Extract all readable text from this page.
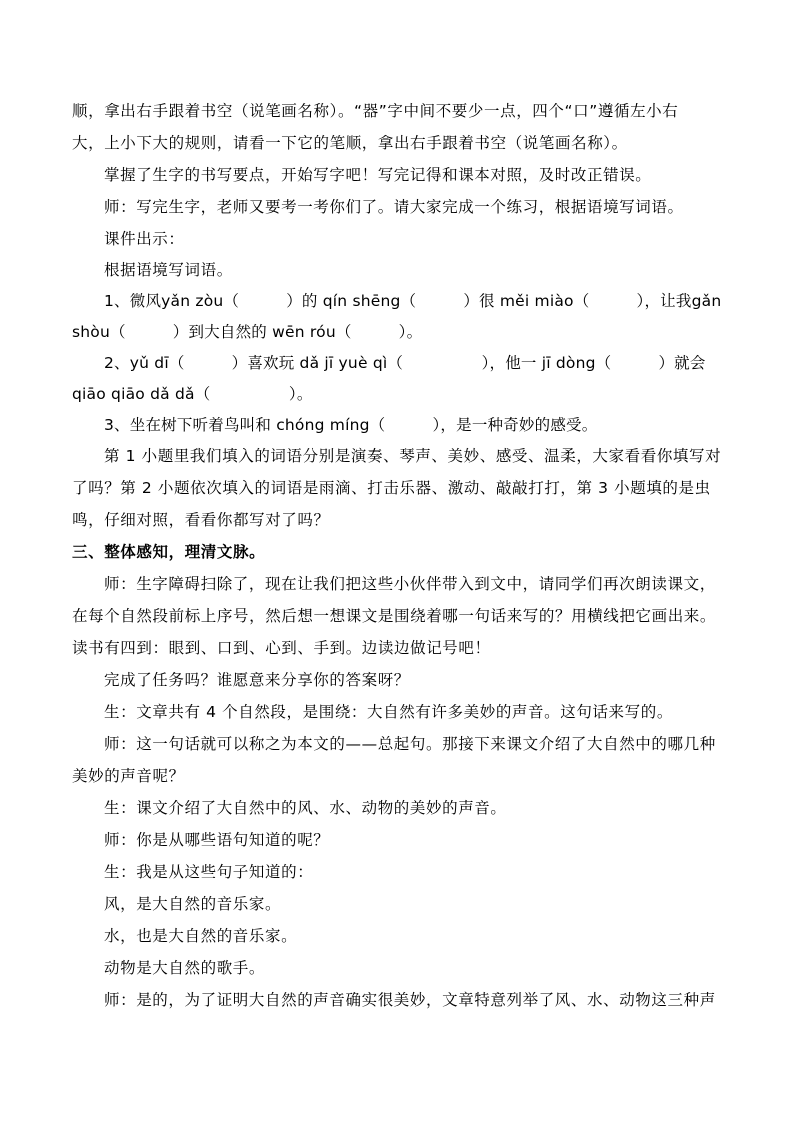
顺，拿出右手跟着书空（说笔画名称）。“器”字中间不要少一点，四个“口”遵循左小右
大，上小下大的规则，请看一下它的笔顺，拿出右手跟着书空（说笔画名称）。
掌握了生字的书写要点，开始写字吧！写完记得和课本对照，及时改正错误。
师：写完生字，老师又要考一考你们了。请大家完成一个练习，根据语境写词语。
课件出示：
根据语境写词语。
1、微风yǎn zòu（　　　）的 qín shēng（　　　）很 měi miào（　　　），让我gǎn
shòu（　　　）到大自然的 wēn róu（　　　）。
2、yǔ dī（　　　）喜欢玩 dǎ jī yuè qì（　　　　　），他一 jī dòng（　　　）就会
qiāo qiāo dǎ dǎ（　　　　　）。
3、坐在树下听着鸟叫和 chóng míng（　　　），是一种奇妙的感受。
第 1 小题里我们填入的词语分别是演奏、琴声、美妙、感受、温柔，大家看看你填写对
了吗？第 2 小题依次填入的词语是雨滴、打击乐器、激动、敲敲打打，第 3 小题填的是虫
鸣，仔细对照，看看你都写对了吗？
三、整体感知，理清文脉。
师：生字障碍扫除了，现在让我们把这些小伙伴带入到文中，请同学们再次朗读课文，
在每个自然段前标上序号，然后想一想课文是围绕着哪一句话来写的？用横线把它画出来。
读书有四到：眼到、口到、心到、手到。边读边做记号吧！
完成了任务吗？谁愿意来分享你的答案呀？
生：文章共有 4 个自然段，是围绕：大自然有许多美妙的声音。这句话来写的。
师：这一句话就可以称之为本文的——总起句。那接下来课文介绍了大自然中的哪几种
美妙的声音呢？
生：课文介绍了大自然中的风、水、动物的美妙的声音。
师：你是从哪些语句知道的呢？
生：我是从这些句子知道的：
风，是大自然的音乐家。
水，也是大自然的音乐家。
动物是大自然的歌手。
师：是的，为了证明大自然的声音确实很美妙，文章特意列举了风、水、动物这三种声
